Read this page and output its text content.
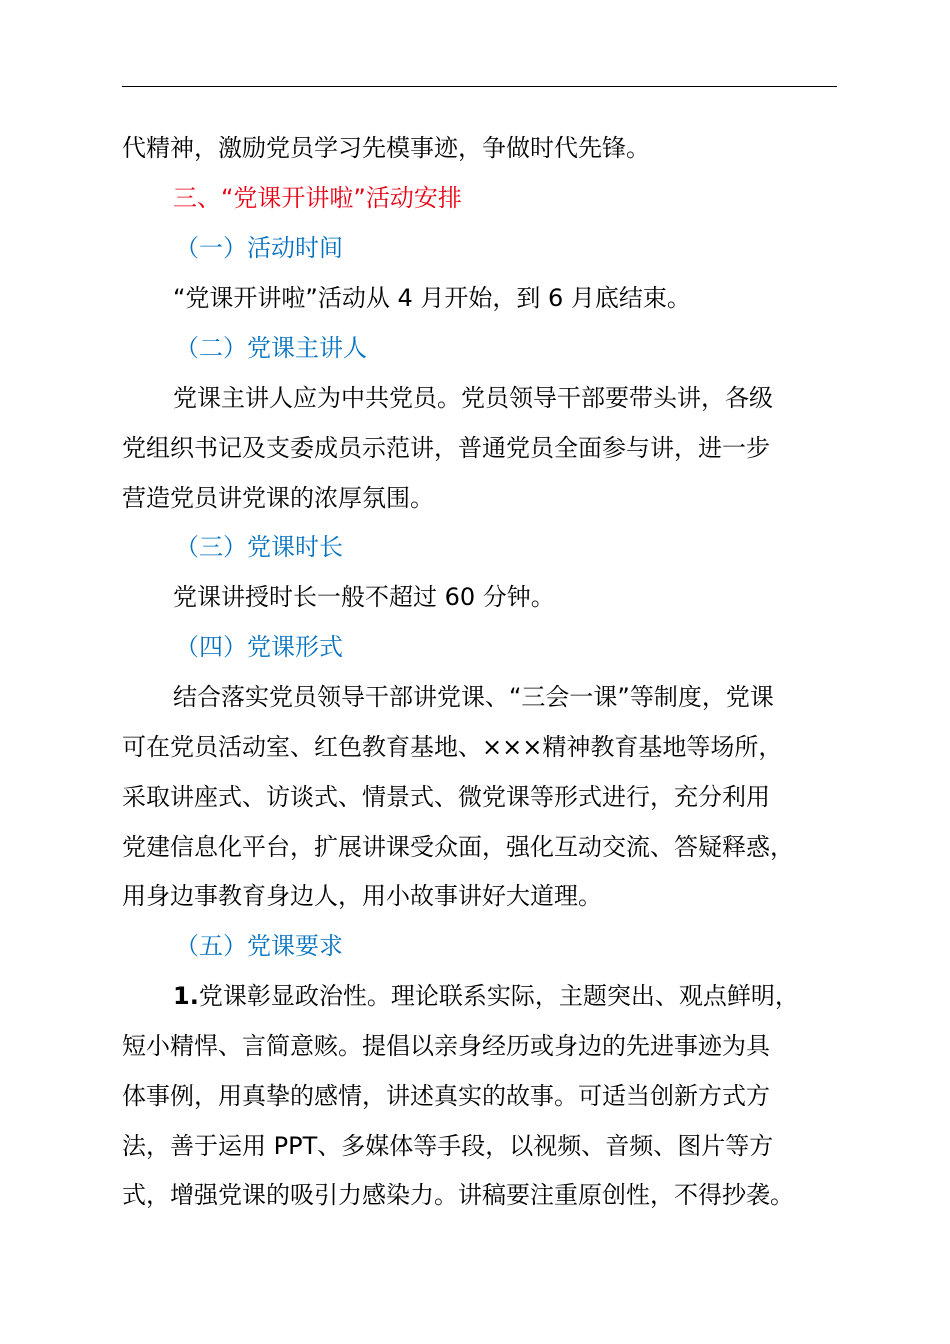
代精神，激励党员学习先模事迹，争做时代先锋。
三、“党课开讲啦”活动安排
（一）活动时间
“党课开讲啦”活动从 4 月开始，到 6 月底结束。
（二）党课主讲人
党课主讲人应为中共党员。党员领导干部要带头讲，各级
党组织书记及支委成员示范讲，普通党员全面参与讲，进一步
营造党员讲党课的浓厚氛围。
（三）党课时长
党课讲授时长一般不超过 60 分钟。
（四）党课形式
结合落实党员领导干部讲党课、“三会一课”等制度，党课
可在党员活动室、红色教育基地、×××精神教育基地等场所，
采取讲座式、访谈式、情景式、微党课等形式进行，充分利用
党建信息化平台，扩展讲课受众面，强化互动交流、答疑释惑，
用身边事教育身边人，用小故事讲好大道理。
（五）党课要求
1.党课彰显政治性。理论联系实际，主题突出、观点鲜明，
短小精悍、言简意赅。提倡以亲身经历或身边的先进事迹为具
体事例，用真挚的感情，讲述真实的故事。可适当创新方式方
法，善于运用 PPT、多媒体等手段，以视频、音频、图片等方
式，增强党课的吸引力感染力。讲稿要注重原创性，不得抄袭。
